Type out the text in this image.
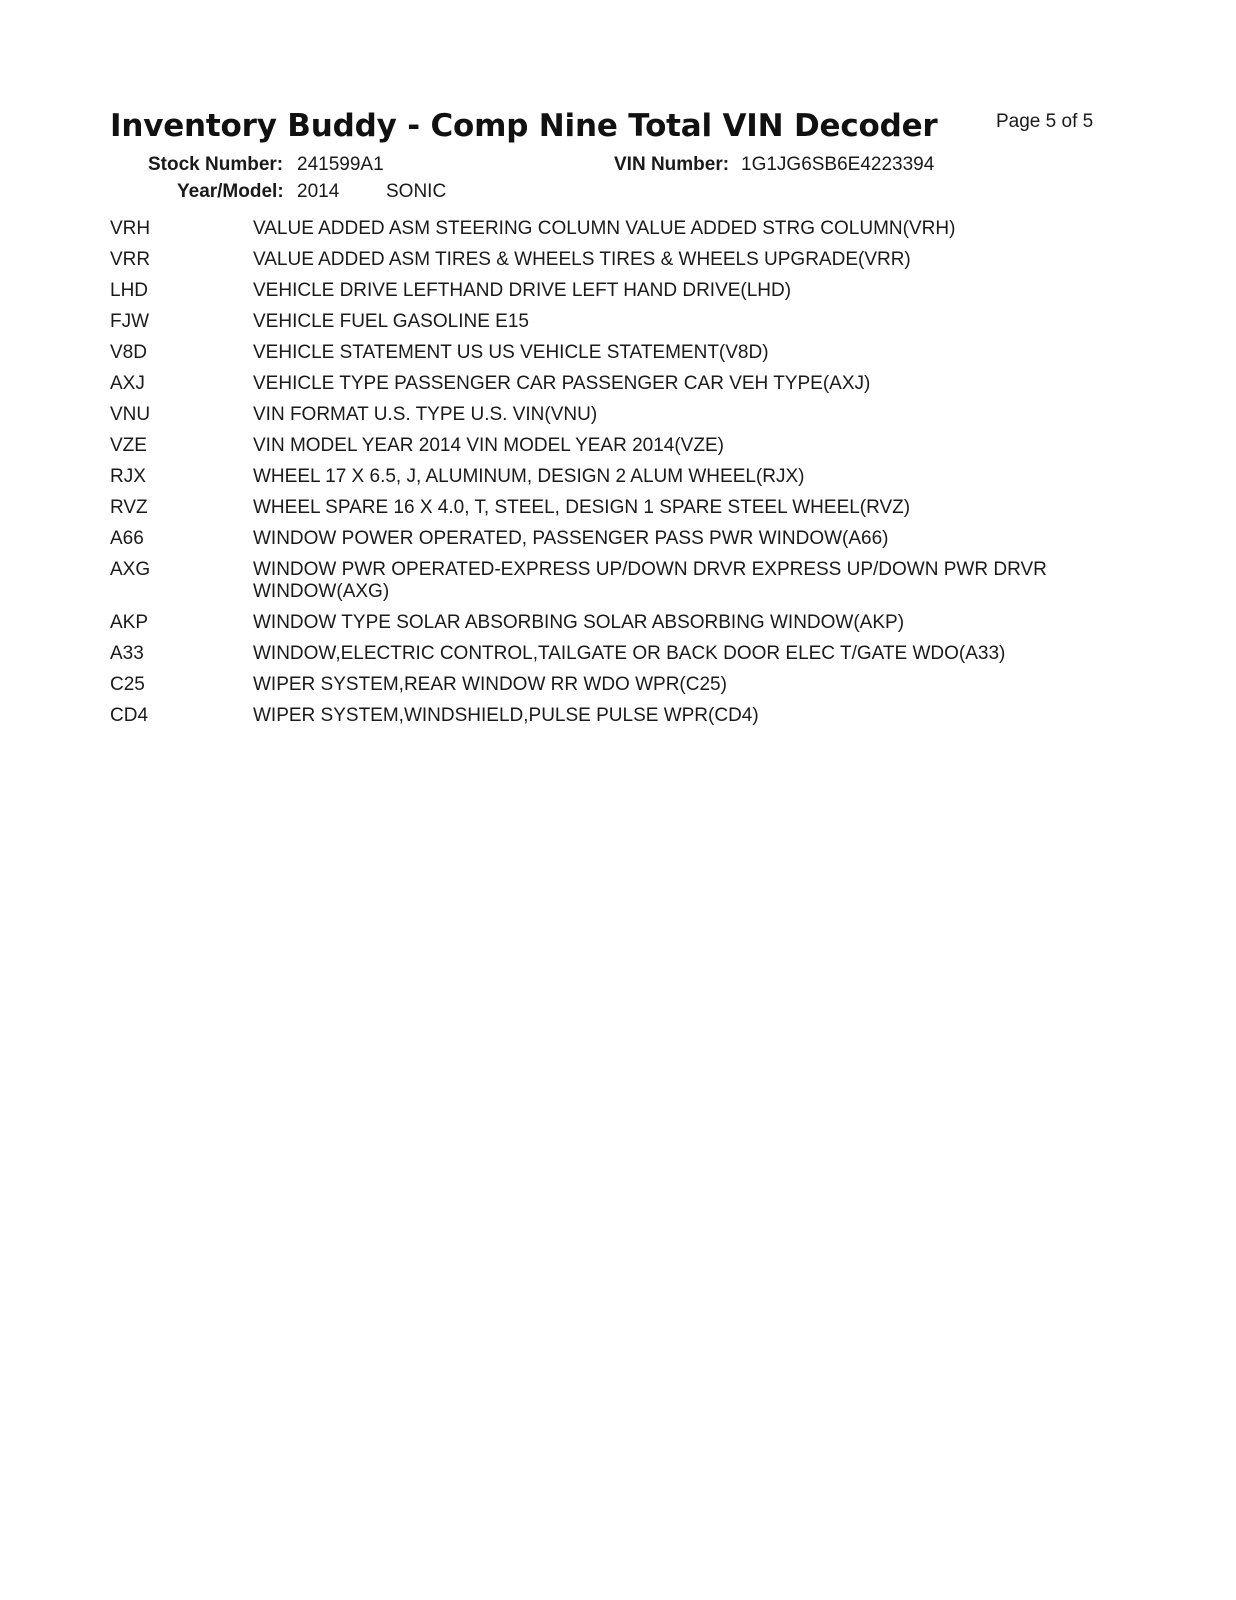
Inventory Buddy - Comp Nine Total VIN Decoder	Page 5 of 5
Stock Number: 241599A1	VIN Number: 1G1JG6SB6E4223394
Year/Model: 2014 SONIC
VRH	VALUE ADDED ASM STEERING COLUMN VALUE ADDED STRG COLUMN(VRH)
VRR	VALUE ADDED ASM TIRES & WHEELS TIRES & WHEELS UPGRADE(VRR)
LHD	VEHICLE DRIVE LEFTHAND DRIVE LEFT HAND DRIVE(LHD)
FJW	VEHICLE FUEL GASOLINE E15
V8D	VEHICLE STATEMENT US US VEHICLE STATEMENT(V8D)
AXJ	VEHICLE TYPE PASSENGER CAR PASSENGER CAR VEH TYPE(AXJ)
VNU	VIN FORMAT U.S. TYPE U.S. VIN(VNU)
VZE	VIN MODEL YEAR 2014 VIN MODEL YEAR 2014(VZE)
RJX	WHEEL 17 X 6.5, J, ALUMINUM, DESIGN 2 ALUM WHEEL(RJX)
RVZ	WHEEL SPARE 16 X 4.0, T, STEEL, DESIGN 1 SPARE STEEL WHEEL(RVZ)
A66	WINDOW POWER OPERATED, PASSENGER PASS PWR WINDOW(A66)
AXG	WINDOW PWR OPERATED-EXPRESS UP/DOWN DRVR EXPRESS UP/DOWN PWR DRVR WINDOW(AXG)
AKP	WINDOW TYPE SOLAR ABSORBING SOLAR ABSORBING WINDOW(AKP)
A33	WINDOW,ELECTRIC CONTROL,TAILGATE OR BACK DOOR ELEC T/GATE WDO(A33)
C25	WIPER SYSTEM,REAR WINDOW RR WDO WPR(C25)
CD4	WIPER SYSTEM,WINDSHIELD,PULSE PULSE WPR(CD4)
